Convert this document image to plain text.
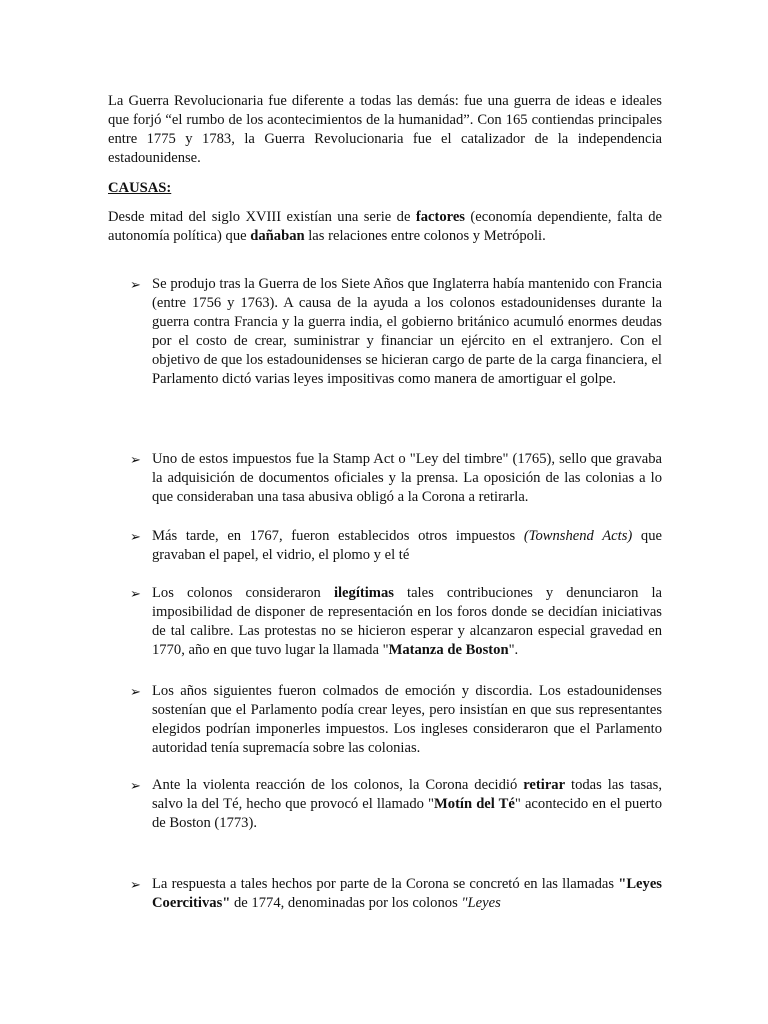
La Guerra Revolucionaria fue diferente a todas las demás: fue una guerra de ideas e ideales que forjó “el rumbo de los acontecimientos de la humanidad”. Con 165 contiendas principales entre 1775 y 1783, la Guerra Revolucionaria fue el catalizador de la independencia estadounidense.

CAUSAS:

Desde mitad del siglo XVIII existían una serie de factores (economía dependiente, falta de autonomía política) que dañaban las relaciones entre colonos y Metrópoli.

➢ Se produjo tras la Guerra de los Siete Años que Inglaterra había mantenido con Francia (entre 1756 y 1763). A causa de la ayuda a los colonos estadounidenses durante la guerra contra Francia y la guerra india, el gobierno británico acumuló enormes deudas por el costo de crear, suministrar y financiar un ejército en el extranjero. Con el objetivo de que los estadounidenses se hicieran cargo de parte de la carga financiera, el Parlamento dictó varias leyes impositivas como manera de amortiguar el golpe.
➢ Uno de estos impuestos fue la Stamp Act o "Ley del timbre" (1765), sello que gravaba la adquisición de documentos oficiales y la prensa. La oposición de las colonias a lo que consideraban una tasa abusiva obligó a la Corona a retirarla.
➢ Más tarde, en 1767, fueron establecidos otros impuestos (Townshend Acts) que gravaban el papel, el vidrio, el plomo y el té
➢ Los colonos consideraron ilegítimas tales contribuciones y denunciaron la imposibilidad de disponer de representación en los foros donde se decidían iniciativas de tal calibre. Las protestas no se hicieron esperar y alcanzaron especial gravedad en 1770, año en que tuvo lugar la llamada "Matanza de Boston".
➢ Los años siguientes fueron colmados de emoción y discordia. Los estadounidenses sostenían que el Parlamento podía crear leyes, pero insistían en que sus representantes elegidos podrían imponerles impuestos. Los ingleses consideraron que el Parlamento autoridad tenía supremacía sobre las colonias.
➢ Ante la violenta reacción de los colonos, la Corona decidió retirar todas las tasas, salvo la del Té, hecho que provocó el llamado "Motín del Té" acontecido en el puerto de Boston (1773).
➢ La respuesta a tales hechos por parte de la Corona se concretó en las llamadas "Leyes Coercitivas" de 1774, denominadas por los colonos "Leyes
